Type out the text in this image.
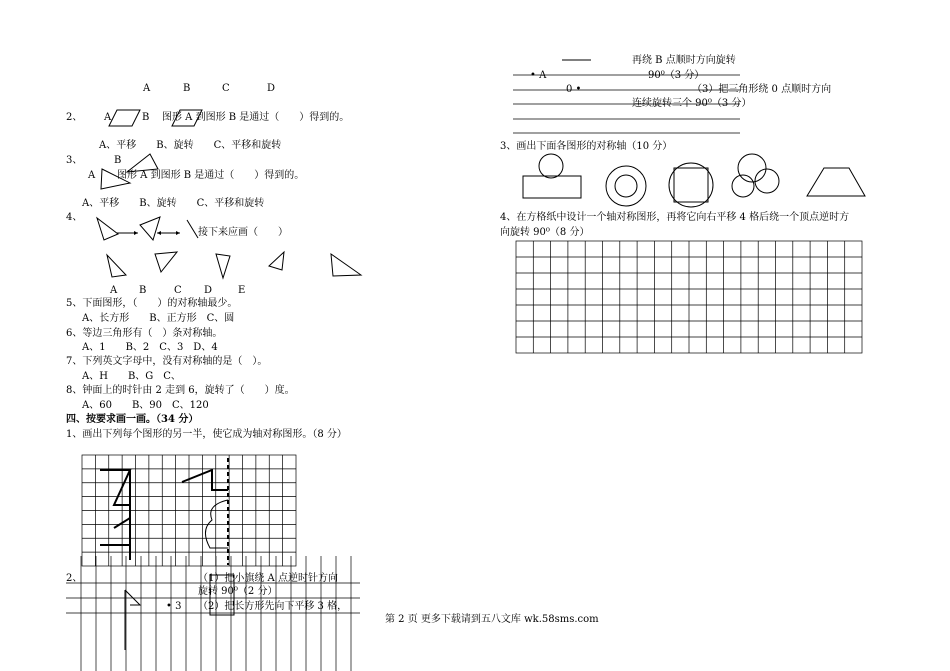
A	B	C	D
2、 A	B 图形 A 到图形 B 是通过（　　）得到的。
A、平移　　B、旋转　　C、平移和旋转
3、	B
A 图形 A 到图形 B 是通过（　　）得到的。
A、平移　　B、旋转　　C、平移和旋转
4、
接下来应画（　　）
A B	C D	E
5、下面图形，（　　）的对称轴最少。
A、长方形　　B、正方形　C、圆
6、等边三角形有（　）条对称轴。
A、1　　B、2　C、3　D、4
7、下列英文字母中，没有对称轴的是（　）。
A、H　　B、G　C、
8、钟面上的时针由 2 走到 6，旋转了（　　）度。
A、60　　B、90　C、120
四、按要求画一画。（34 分）
1、画出下列每个图形的另一半，使它成为轴对称图形。（8 分）
2、	（1）把小旗绕 A 点逆时针方向
旋转 90⁰（2 分）
• 3 （2）把长方形先向下平移 3 格，
再绕 B 点顺时方向旋转
• A	90⁰（3 分）
0 •	（3）把三角形绕 0 点顺时方向
连续旋转三个 90⁰（3 分）
3、画出下面各图形的对称轴（10 分）
4、在方格纸中设计一个轴对称图形，再将它向右平移 4 格后绕一个顶点逆时方
向旋转 90⁰（8 分）
第 2 页 更多下载请到五八文库 wk.58sms.com
